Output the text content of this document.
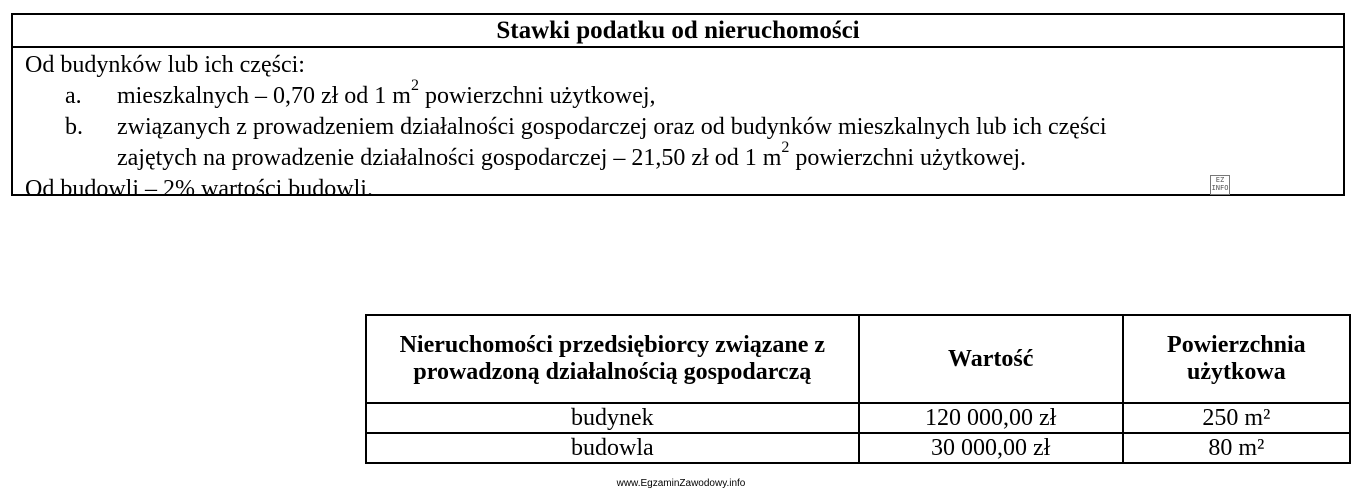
Stawki podatku od nieruchomości
Od budynków lub ich części:
a. mieszkalnych – 0,70 zł od 1 $m^2$ powierzchni użytkowej,
b. związanych z prowadzeniem działalności gospodarczej oraz od budynków mieszkalnych lub ich części
zajętych na prowadzenie działalności gospodarczej – 21,50 zł od 1 $m^2$ powierzchni użytkowej.
Od budowli – 2% wartości budowli.	EZ
INFO
Nieruchomości przedsiębiorcy związane z prowadzoną działalnością gospodarczą	Wartość	Powierzchnia użytkowa
budynek	120 000,00 zł	250 m²
budowla	30 000,00 zł	80 m²
www.EgzaminZawodowy.info
